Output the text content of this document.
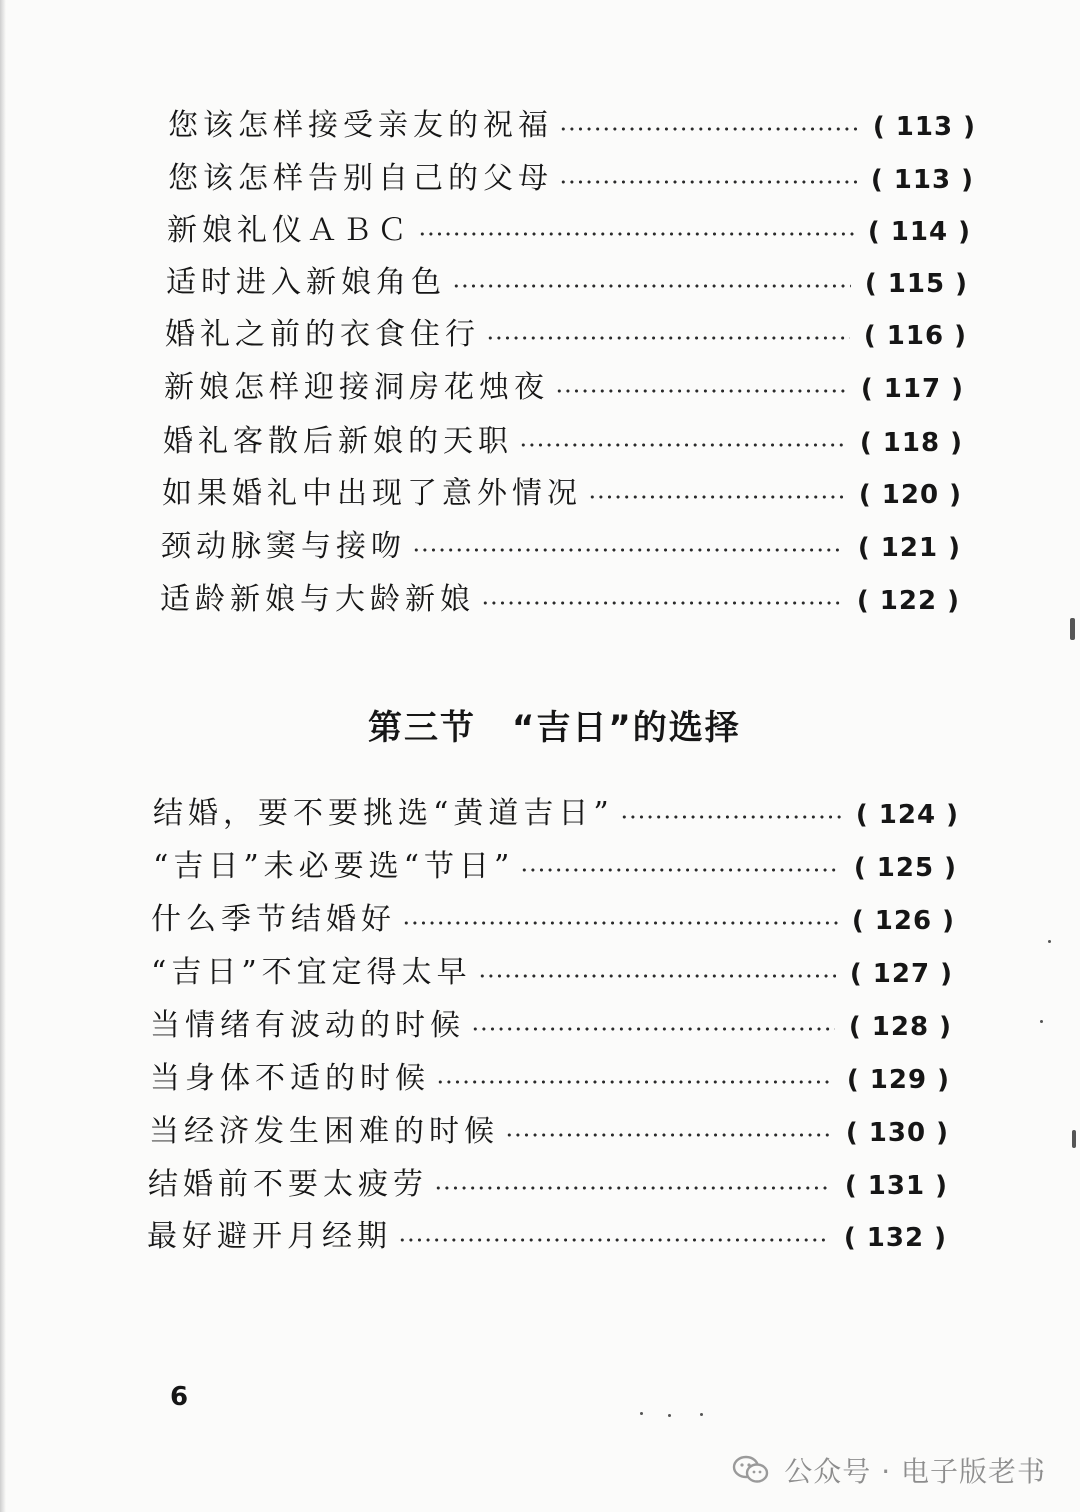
您该怎样接受亲友的祝福	( 113 )
您该怎样告别自己的父母	( 113 )
新娘礼仪ＡＢＣ	( 114 )
适时进入新娘角色	( 115 )
婚礼之前的衣食住行	( 116 )
新娘怎样迎接洞房花烛夜	( 117 )
婚礼客散后新娘的天职	( 118 )
如果婚礼中出现了意外情况	( 120 )
颈动脉窦与接吻	( 121 )
适龄新娘与大龄新娘	( 122 )
第三节　“吉日”的选择
结婚，要不要挑选“黄道吉日”	( 124 )
“吉日”未必要选“节日”	( 125 )
什么季节结婚好	( 126 )
“吉日”不宜定得太早	( 127 )
当情绪有波动的时候	( 128 )
当身体不适的时候	( 129 )
当经济发生困难的时候	( 130 )
结婚前不要太疲劳	( 131 )
最好避开月经期	( 132 )
6
公众号 · 电子版老书
